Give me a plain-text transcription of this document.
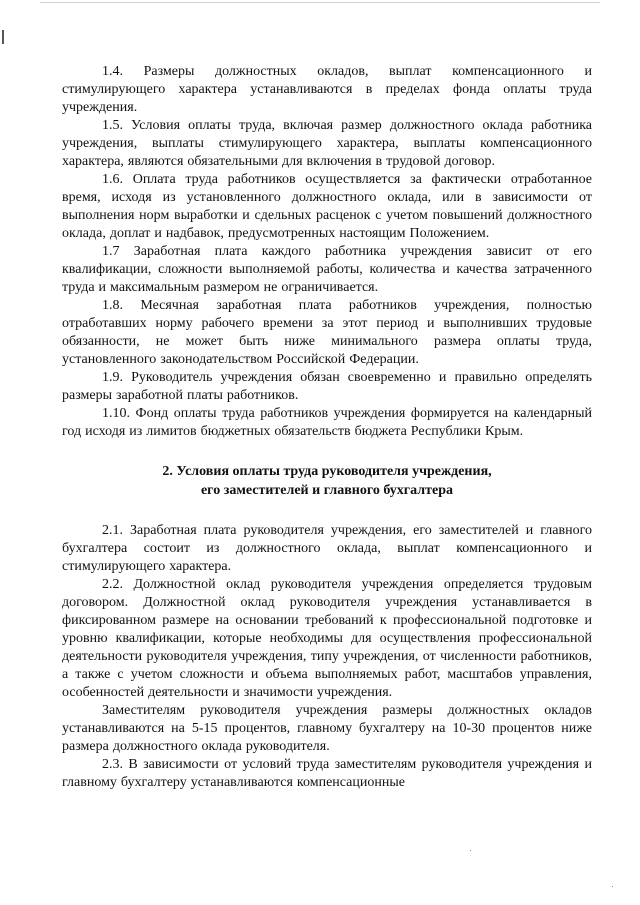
1.4. Размеры должностных окладов, выплат компенсационного и стимулирующего характера устанавливаются в пределах фонда оплаты труда учреждения.

1.5. Условия оплаты труда, включая размер должностного оклада работника учреждения, выплаты стимулирующего характера, выплаты компенсационного характера, являются обязательными для включения в трудовой договор.

1.6. Оплата труда работников осуществляется за фактически отработанное время, исходя из установленного должностного оклада, или в зависимости от выполнения норм выработки и сдельных расценок с учетом повышений должностного оклада, доплат и надбавок, предусмотренных настоящим Положением.

1.7 Заработная плата каждого работника учреждения зависит от его квалификации, сложности выполняемой работы, количества и качества затраченного труда и максимальным размером не ограничивается.

1.8. Месячная заработная плата работников учреждения, полностью отработавших норму рабочего времени за этот период и выполнивших трудовые обязанности, не может быть ниже минимального размера оплаты труда, установленного законодательством Российской Федерации.

1.9. Руководитель учреждения обязан своевременно и правильно определять размеры заработной платы работников.

1.10. Фонд оплаты труда работников учреждения формируется на календарный год исходя из лимитов бюджетных обязательств бюджета Республики Крым.

2. Условия оплаты труда руководителя учреждения,
его заместителей и главного бухгалтера

2.1. Заработная плата руководителя учреждения, его заместителей и главного бухгалтера состоит из должностного оклада, выплат компенсационного и стимулирующего характера.

2.2. Должностной оклад руководителя учреждения определяется трудовым договором. Должностной оклад руководителя учреждения устанавливается в фиксированном размере на основании требований к профессиональной подготовке и уровню квалификации, которые необходимы для осуществления профессиональной деятельности руководителя учреждения, типу учреждения, от численности работников, а также с учетом сложности и объема выполняемых работ, масштабов управления, особенностей деятельности и значимости учреждения.

Заместителям руководителя учреждения размеры должностных окладов устанавливаются на 5-15 процентов, главному бухгалтеру на 10-30 процентов ниже размера должностного оклада руководителя.

2.3. В зависимости от условий труда заместителям руководителя учреждения и главному бухгалтеру устанавливаются компенсационные
